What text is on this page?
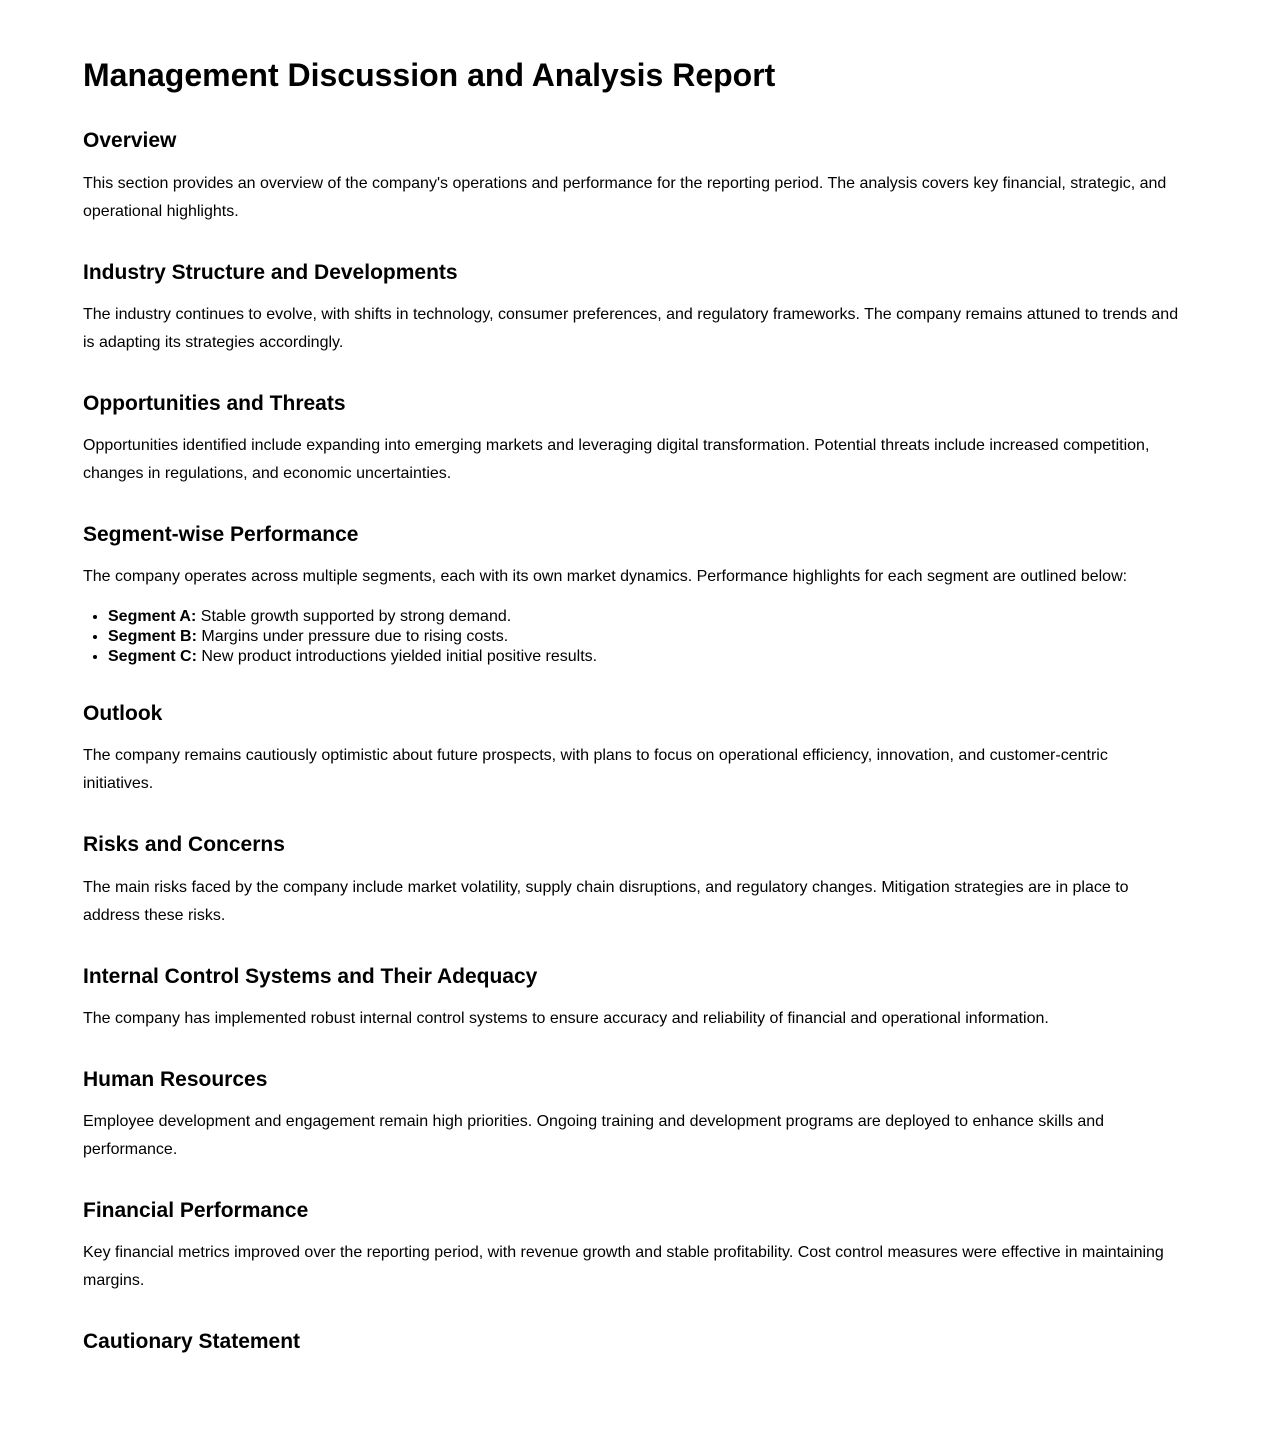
Management Discussion and Analysis Report
Overview

This section provides an overview of the company's operations and performance for the reporting period. The analysis covers key financial, strategic, and operational highlights.

Industry Structure and Developments

The industry continues to evolve, with shifts in technology, consumer preferences, and regulatory frameworks. The company remains attuned to trends and is adapting its strategies accordingly.

Opportunities and Threats

Opportunities identified include expanding into emerging markets and leveraging digital transformation. Potential threats include increased competition, changes in regulations, and economic uncertainties.

Segment-wise Performance

The company operates across multiple segments, each with its own market dynamics. Performance highlights for each segment are outlined below:

• Segment A: Stable growth supported by strong demand.
• Segment B: Margins under pressure due to rising costs.
• Segment C: New product introductions yielded initial positive results.
Outlook

The company remains cautiously optimistic about future prospects, with plans to focus on operational efficiency, innovation, and customer-centric initiatives.

Risks and Concerns

The main risks faced by the company include market volatility, supply chain disruptions, and regulatory changes. Mitigation strategies are in place to address these risks.

Internal Control Systems and Their Adequacy

The company has implemented robust internal control systems to ensure accuracy and reliability of financial and operational information.

Human Resources

Employee development and engagement remain high priorities. Ongoing training and development programs are deployed to enhance skills and performance.

Financial Performance

Key financial metrics improved over the reporting period, with revenue growth and stable profitability. Cost control measures were effective in maintaining margins.

Cautionary Statement
